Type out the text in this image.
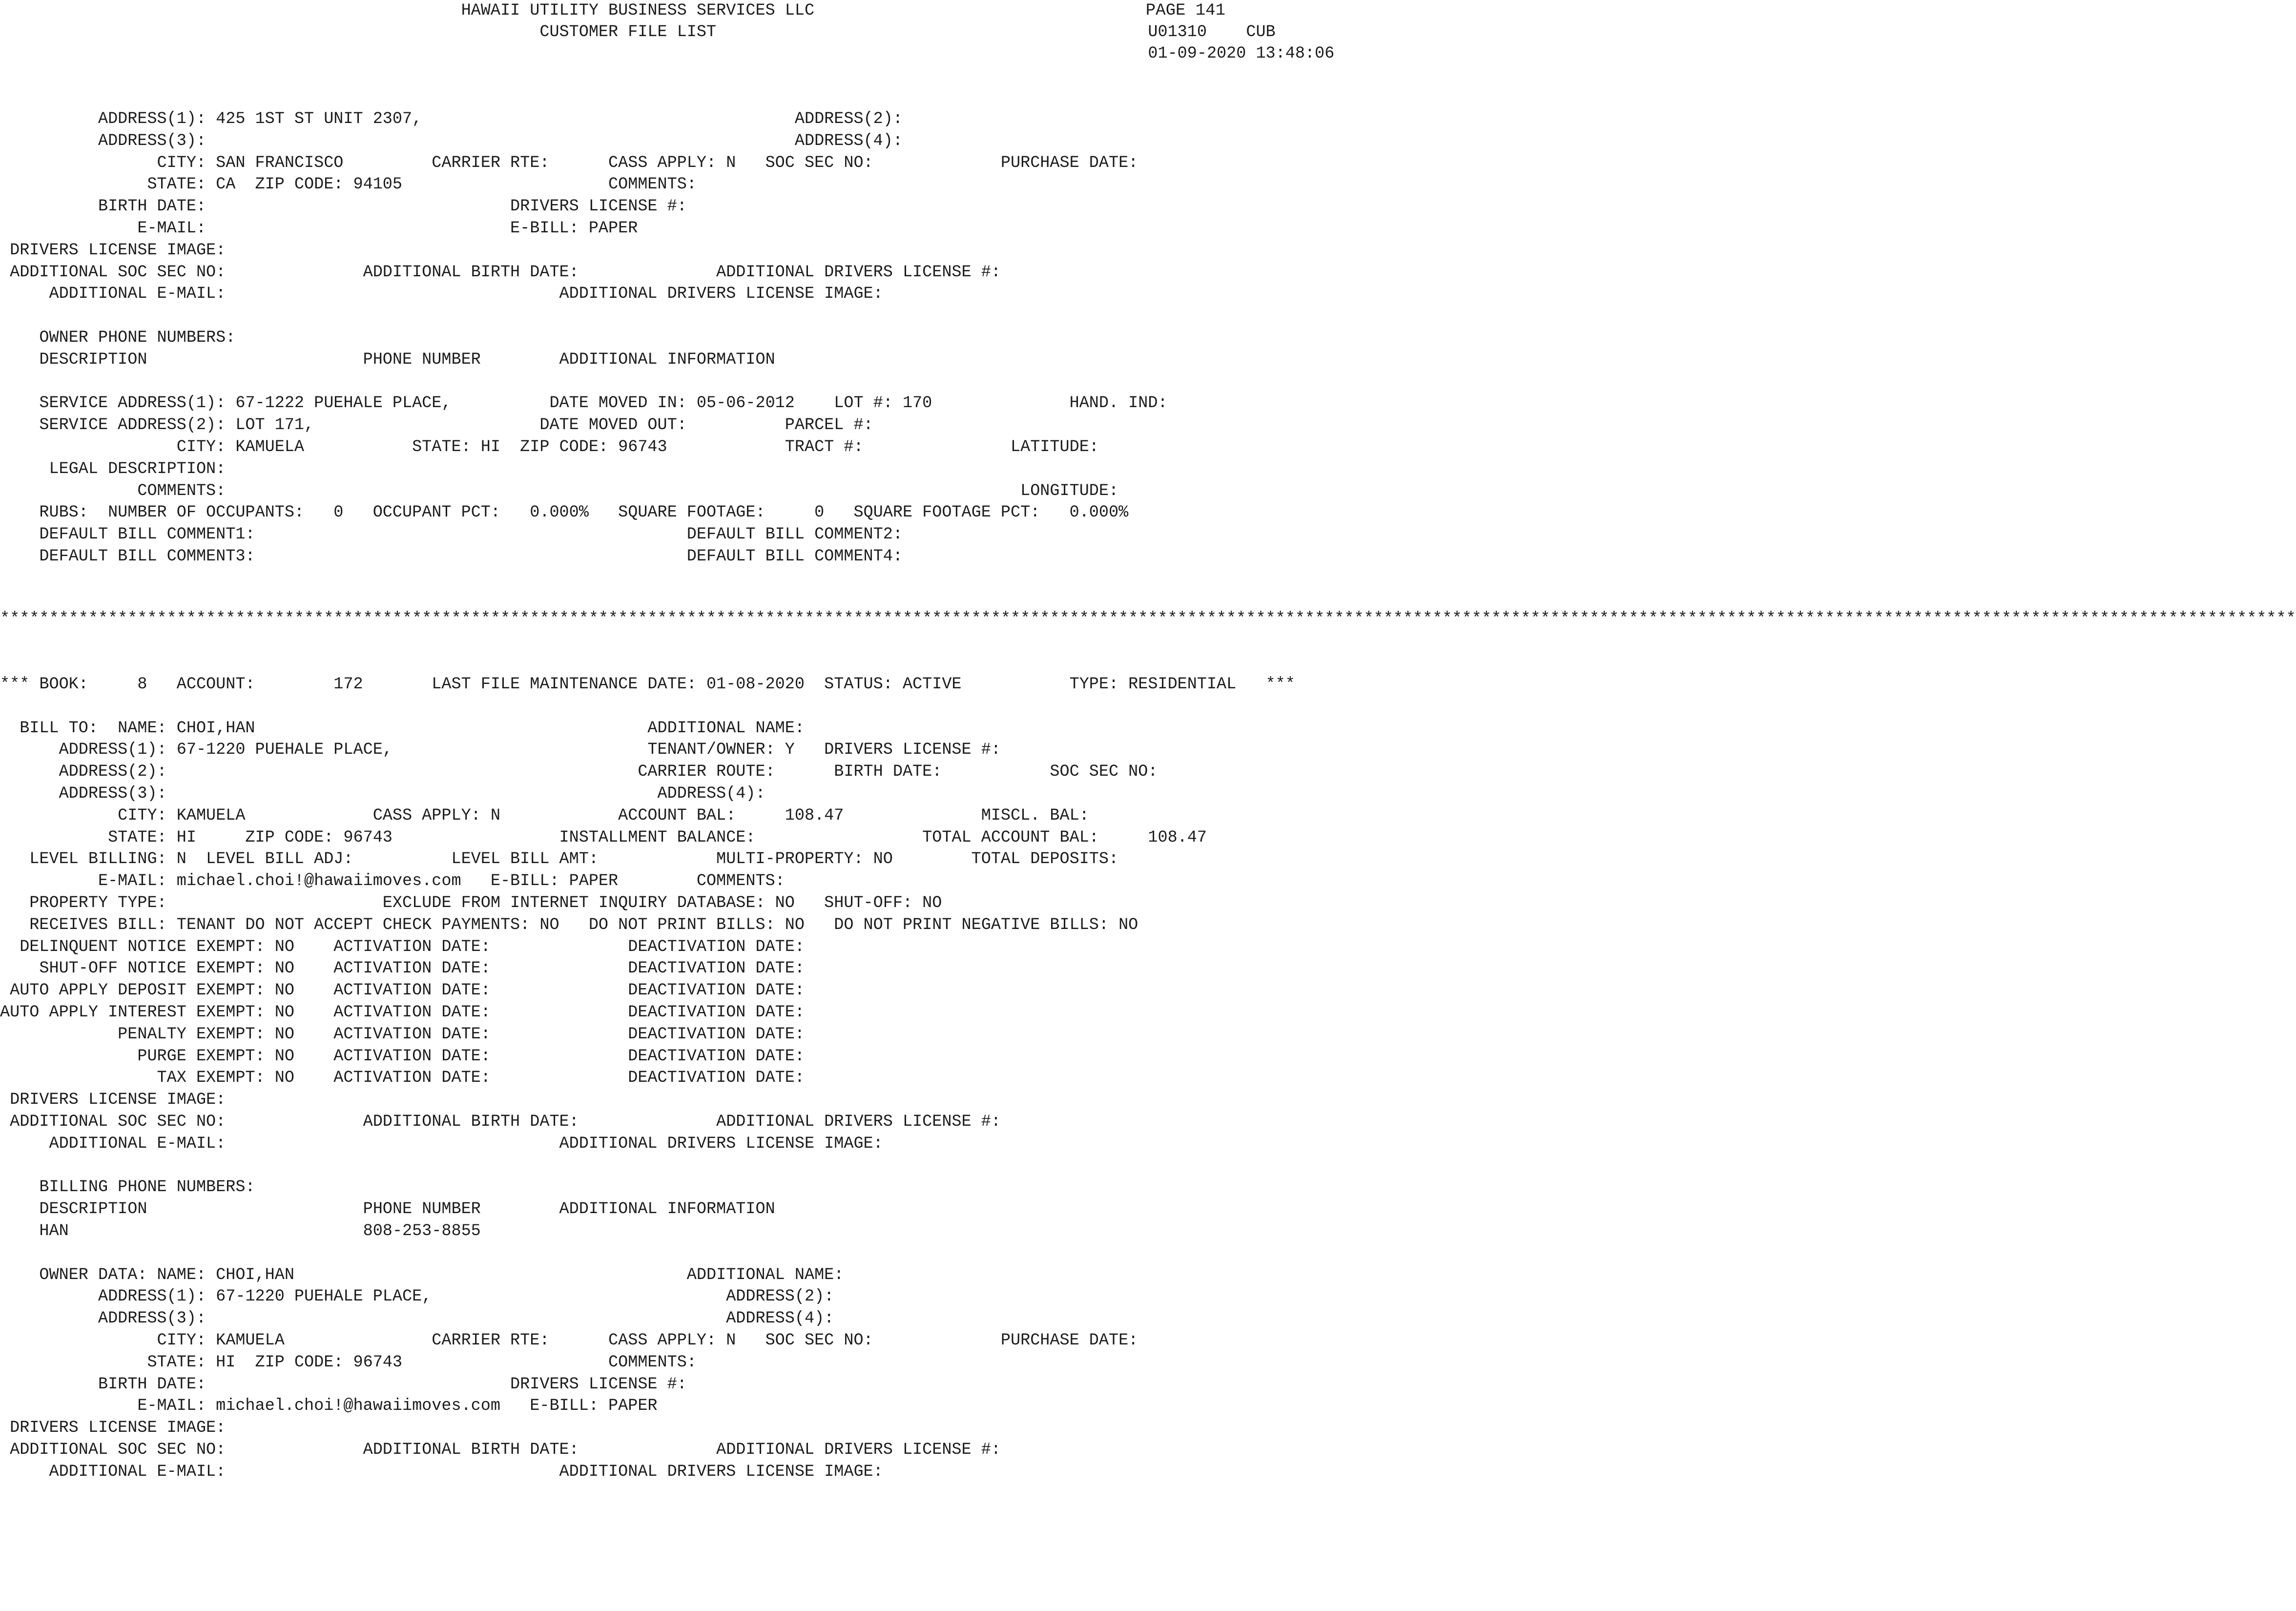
HAWAII UTILITY BUSINESS SERVICES LLC
CUSTOMER FILE LIST                                            U01310    CUB
01-09-2020 13:48:06
PAGE 141
ADDRESS(1): 425 1ST ST UNIT 2307,                                      ADDRESS(2):
ADDRESS(3):                                                            ADDRESS(4):
CITY: SAN FRANCISCO         CARRIER RTE:      CASS APPLY: N   SOC SEC NO:             PURCHASE DATE:
STATE: CA  ZIP CODE: 94105                     COMMENTS:
BIRTH DATE:                               DRIVERS LICENSE #:
E-MAIL:                               E-BILL: PAPER
DRIVERS LICENSE IMAGE:
ADDITIONAL SOC SEC NO:              ADDITIONAL BIRTH DATE:              ADDITIONAL DRIVERS LICENSE #:
ADDITIONAL E-MAIL:                                  ADDITIONAL DRIVERS LICENSE IMAGE:
OWNER PHONE NUMBERS:
DESCRIPTION                      PHONE NUMBER        ADDITIONAL INFORMATION
SERVICE ADDRESS(1): 67-1222 PUEHALE PLACE,          DATE MOVED IN: 05-06-2012    LOT #: 170              HAND. IND:
SERVICE ADDRESS(2): LOT 171,                       DATE MOVED OUT:          PARCEL #:
CITY: KAMUELA           STATE: HI  ZIP CODE: 96743            TRACT #:               LATITUDE:
LEGAL DESCRIPTION:
COMMENTS:                                                                                 LONGITUDE:
RUBS:  NUMBER OF OCCUPANTS:   0   OCCUPANT PCT:   0.000%   SQUARE FOOTAGE:     0   SQUARE FOOTAGE PCT:   0.000%
DEFAULT BILL COMMENT1:                                            DEFAULT BILL COMMENT2:
DEFAULT BILL COMMENT3:                                            DEFAULT BILL COMMENT4:
******************************************************************************************************************************************************************************************************************************************
*** BOOK:     8   ACCOUNT:        172       LAST FILE MAINTENANCE DATE: 01-08-2020  STATUS: ACTIVE           TYPE: RESIDENTIAL   ***
BILL TO:  NAME: CHOI,HAN                                        ADDITIONAL NAME:
ADDRESS(1): 67-1220 PUEHALE PLACE,                          TENANT/OWNER: Y   DRIVERS LICENSE #:
ADDRESS(2):                                                CARRIER ROUTE:      BIRTH DATE:           SOC SEC NO:
ADDRESS(3):                                                  ADDRESS(4):
CITY: KAMUELA             CASS APPLY: N            ACCOUNT BAL:     108.47              MISCL. BAL:
STATE: HI     ZIP CODE: 96743                 INSTALLMENT BALANCE:                 TOTAL ACCOUNT BAL:     108.47
LEVEL BILLING: N  LEVEL BILL ADJ:          LEVEL BILL AMT:            MULTI-PROPERTY: NO        TOTAL DEPOSITS:
E-MAIL: michael.choi!@hawaiimoves.com   E-BILL: PAPER        COMMENTS:
PROPERTY TYPE:                      EXCLUDE FROM INTERNET INQUIRY DATABASE: NO   SHUT-OFF: NO
RECEIVES BILL: TENANT DO NOT ACCEPT CHECK PAYMENTS: NO   DO NOT PRINT BILLS: NO   DO NOT PRINT NEGATIVE BILLS: NO
DELINQUENT NOTICE EXEMPT: NO    ACTIVATION DATE:              DEACTIVATION DATE:
SHUT-OFF NOTICE EXEMPT: NO    ACTIVATION DATE:              DEACTIVATION DATE:
AUTO APPLY DEPOSIT EXEMPT: NO    ACTIVATION DATE:              DEACTIVATION DATE:
AUTO APPLY INTEREST EXEMPT: NO    ACTIVATION DATE:              DEACTIVATION DATE:
PENALTY EXEMPT: NO    ACTIVATION DATE:              DEACTIVATION DATE:
PURGE EXEMPT: NO    ACTIVATION DATE:              DEACTIVATION DATE:
TAX EXEMPT: NO    ACTIVATION DATE:              DEACTIVATION DATE:
DRIVERS LICENSE IMAGE:
ADDITIONAL SOC SEC NO:              ADDITIONAL BIRTH DATE:              ADDITIONAL DRIVERS LICENSE #:
ADDITIONAL E-MAIL:                                  ADDITIONAL DRIVERS LICENSE IMAGE:
BILLING PHONE NUMBERS:
DESCRIPTION                      PHONE NUMBER        ADDITIONAL INFORMATION
HAN                              808-253-8855
OWNER DATA: NAME: CHOI,HAN                                        ADDITIONAL NAME:
ADDRESS(1): 67-1220 PUEHALE PLACE,                              ADDRESS(2):
ADDRESS(3):                                                     ADDRESS(4):
CITY: KAMUELA               CARRIER RTE:      CASS APPLY: N   SOC SEC NO:             PURCHASE DATE:
STATE: HI  ZIP CODE: 96743                     COMMENTS:
BIRTH DATE:                               DRIVERS LICENSE #:
E-MAIL: michael.choi!@hawaiimoves.com   E-BILL: PAPER
DRIVERS LICENSE IMAGE:
ADDITIONAL SOC SEC NO:              ADDITIONAL BIRTH DATE:              ADDITIONAL DRIVERS LICENSE #:
ADDITIONAL E-MAIL:                                  ADDITIONAL DRIVERS LICENSE IMAGE:
